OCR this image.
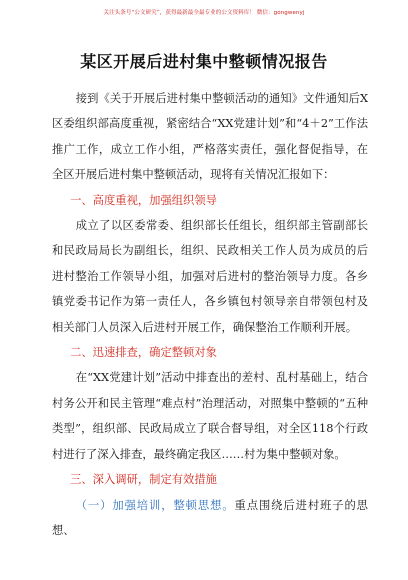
关注头条号“公文研究”，获得最新最全最专业的公文资料库！ 微信：gongwenyj
某区开展后进村集中整顿情况报告

接到《关于开展后进村集中整顿活动的通知》文件通知后X区委组织部高度重视，紧密结合“XX党建计划”和“4＋2”工作法推广工作，成立工作小组，严格落实责任，强化督促指导，在全区开展后进村集中整顿活动，现将有关情况汇报如下：

一、高度重视，加强组织领导

成立了以区委常委、组织部长任组长，组织部主管副部长和民政局局长为副组长，组织、民政相关工作人员为成员的后进村整治工作领导小组，加强对后进村的整治领导力度。各乡镇党委书记作为第一责任人，各乡镇包村领导亲自带领包村及相关部门人员深入后进村开展工作，确保整治工作顺利开展。

二、迅速排查，确定整顿对象

在“XX党建计划”活动中排查出的差村、乱村基础上，结合村务公开和民主管理“难点村”治理活动，对照集中整顿的“五种类型”，组织部、民政局成立了联合督导组，对全区118个行政村进行了深入排查，最终确定我区……村为集中整顿对象。

三、深入调研，制定有效措施

（一）加强培训，整顿思想。重点围绕后进村班子的思想、
